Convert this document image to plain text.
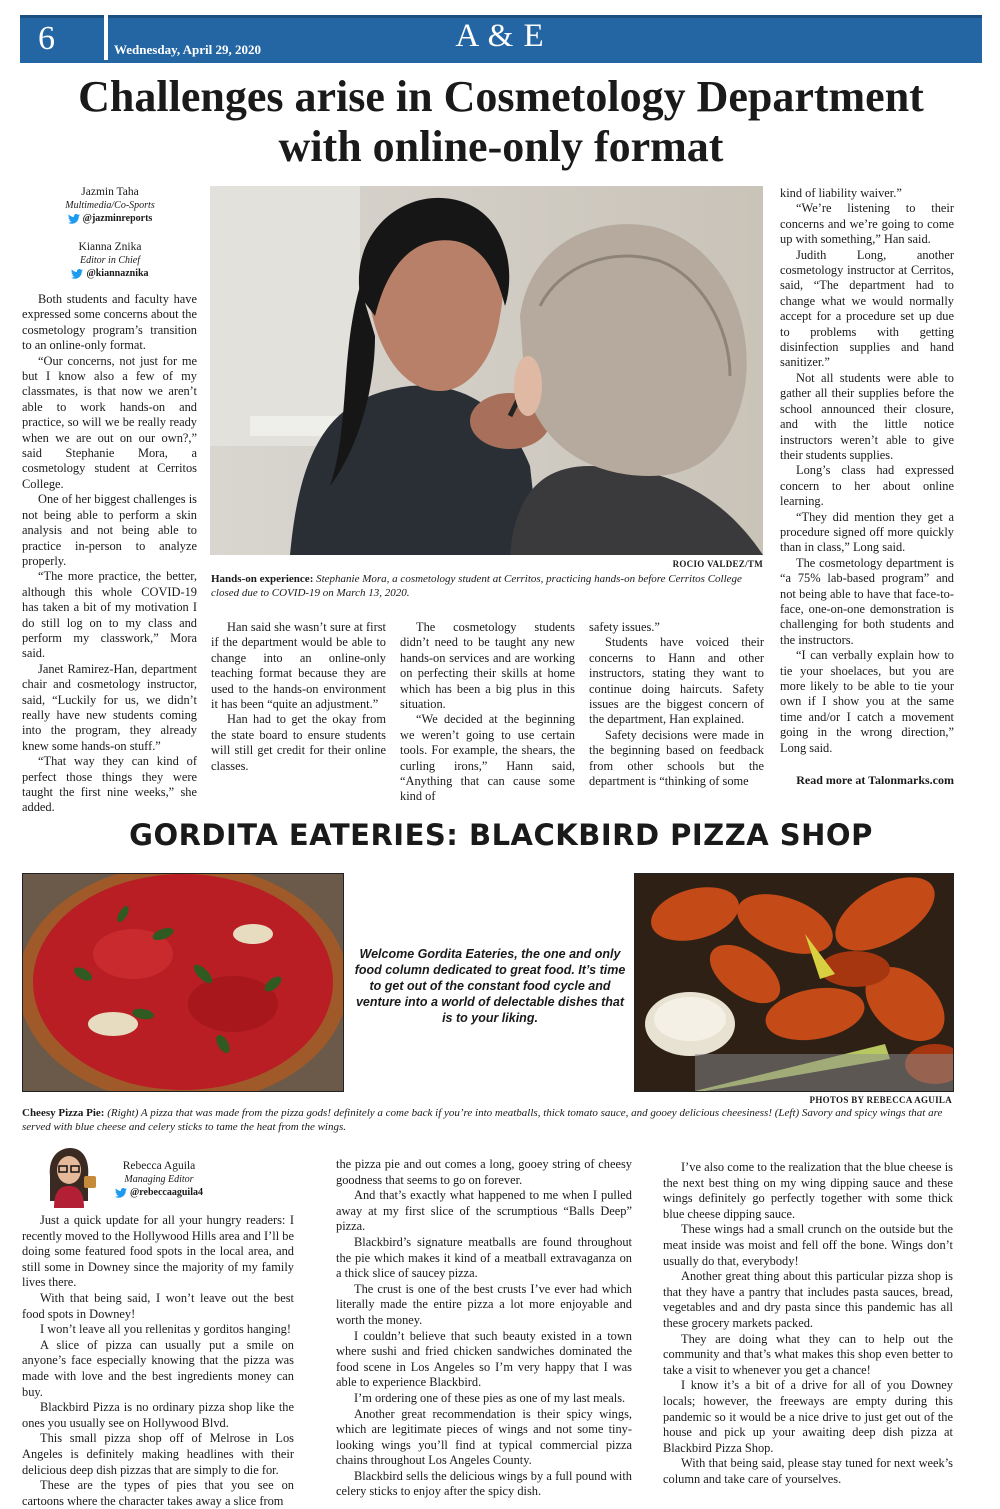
6	Wednesday, April 29, 2020	A & E
Challenges arise in Cosmetology Department
with online-only format
Jazmin Taha
Multimedia/Co-Sports
@jazminreports
Kianna Znika
Editor in Chief
@kiannaznika

Both students and faculty have expressed some concerns about the cosmetology program’s transition to an online-only format.

“Our concerns, not just for me but I know also a few of my classmates, is that now we aren’t able to work hands-on and practice, so will we be really ready when we are out on our own?,” said Stephanie Mora, a cosmetology student at Cerritos College.

One of her biggest challenges is not being able to perform a skin analysis and not being able to practice in-person to analyze properly.

“The more practice, the better, although this whole COVID-19 has taken a bit of my motivation I do still log on to my class and perform my classwork,” Mora said.

Janet Ramirez-Han, department chair and cosmetology instructor, said, “Luckily for us, we didn’t really have new students coming into the program, they already knew some hands-on stuff.”

“That way they can kind of perfect those things they were taught the first nine weeks,” she added.

ROCIO VALDEZ/TM
Hands-on experience: Stephanie Mora, a cosmetology student at Cerritos, practicing hands-on before Cerritos College closed due to COVID-19 on March 13, 2020.

Han said she wasn’t sure at first if the department would be able to change into an online-only teaching format because they are used to the hands-on environment it has been “quite an adjustment.”

Han had to get the okay from the state board to ensure students will still get credit for their online classes.

The cosmetology students didn’t need to be taught any new hands-on services and are working on perfecting their skills at home which has been a big plus in this situation.

“We decided at the beginning we weren’t going to use certain tools. For example, the shears, the curling irons,” Hann said, “Anything that can cause some kind of

safety issues.”

Students have voiced their concerns to Hann and other instructors, stating they want to continue doing haircuts. Safety issues are the biggest concern of the department, Han explained.

Safety decisions were made in the beginning based on feedback from other schools but the department is “thinking of some

kind of liability waiver.”

“We’re listening to their concerns and we’re going to come up with something,” Han said.

Judith Long, another cosmetology instructor at Cerritos, said, “The department had to change what we would normally accept for a procedure set up due to problems with getting disinfection supplies and hand sanitizer.”

Not all students were able to gather all their supplies before the school announced their closure, and with the little notice instructors weren’t able to give their students supplies.

Long’s class had expressed concern to her about online learning.

“They did mention they get a procedure signed off more quickly than in class,” Long said.

The cosmetology department is “a 75% lab-based program” and not being able to have that face-to-face, one-on-one demonstration is challenging for both students and the instructors.

“I can verbally explain how to tie your shoelaces, but you are more likely to be able to tie your own if I show you at the same time and/or I catch a movement going in the wrong direction,” Long said.

Read more at Talonmarks.com
GORDITA EATERIES: BLACKBIRD PIZZA SHOP
Welcome Gordita Eateries, the one and only food column dedicated to great food. It’s time to get out of the constant food cycle and venture into a world of delectable dishes that is to your liking.
PHOTOS BY REBECCA AGUILA
Cheesy Pizza Pie: (Right) A pizza that was made from the pizza gods! definitely a come back if you’re into meatballs, thick tomato sauce, and gooey delicious cheesiness! (Left) Savory and spicy wings that are served with blue cheese and celery sticks to tame the heat from the wings.
Rebecca Aguila
Managing Editor
@rebeccaaguila4

Just a quick update for all your hungry readers: I recently moved to the Hollywood Hills area and I’ll be doing some featured food spots in the local area, and still some in Downey since the majority of my family lives there.

With that being said, I won’t leave out the best food spots in Downey!

I won’t leave all you rellenitas y gorditos hanging!

A slice of pizza can usually put a smile on anyone’s face especially knowing that the pizza was made with love and the best ingredients money can buy.

Blackbird Pizza is no ordinary pizza shop like the ones you usually see on Hollywood Blvd.

This small pizza shop off of Melrose in Los Angeles is definitely making headlines with their delicious deep dish pizzas that are simply to die for.

These are the types of pies that you see on cartoons where the character takes away a slice from

the pizza pie and out comes a long, gooey string of cheesy goodness that seems to go on forever.

And that’s exactly what happened to me when I pulled away at my first slice of the scrumptious “Balls Deep” pizza.

Blackbird’s signature meatballs are found throughout the pie which makes it kind of a meatball extravaganza on a thick slice of saucey pizza.

The crust is one of the best crusts I’ve ever had which literally made the entire pizza a lot more enjoyable and worth the money.

I couldn’t believe that such beauty existed in a town where sushi and fried chicken sandwiches dominated the food scene in Los Angeles so I’m very happy that I was able to experience Blackbird.

I’m ordering one of these pies as one of my last meals.

Another great recommendation is their spicy wings, which are legitimate pieces of wings and not some tiny-looking wings you’ll find at typical commercial pizza chains throughout Los Angeles County.

Blackbird sells the delicious wings by a full pound with celery sticks to enjoy after the spicy dish.

I’ve also come to the realization that the blue cheese is the next best thing on my wing dipping sauce and these wings definitely go perfectly together with some thick blue cheese dipping sauce.

These wings had a small crunch on the outside but the meat inside was moist and fell off the bone. Wings don’t usually do that, everybody!

Another great thing about this particular pizza shop is that they have a pantry that includes pasta sauces, bread, vegetables and and dry pasta since this pandemic has all these grocery markets packed.

They are doing what they can to help out the community and that’s what makes this shop even better to take a visit to whenever you get a chance!

I know it’s a bit of a drive for all of you Downey locals; however, the freeways are empty during this pandemic so it would be a nice drive to just get out of the house and pick up your awaiting deep dish pizza at Blackbird Pizza Shop.

With that being said, please stay tuned for next week’s column and take care of yourselves.
